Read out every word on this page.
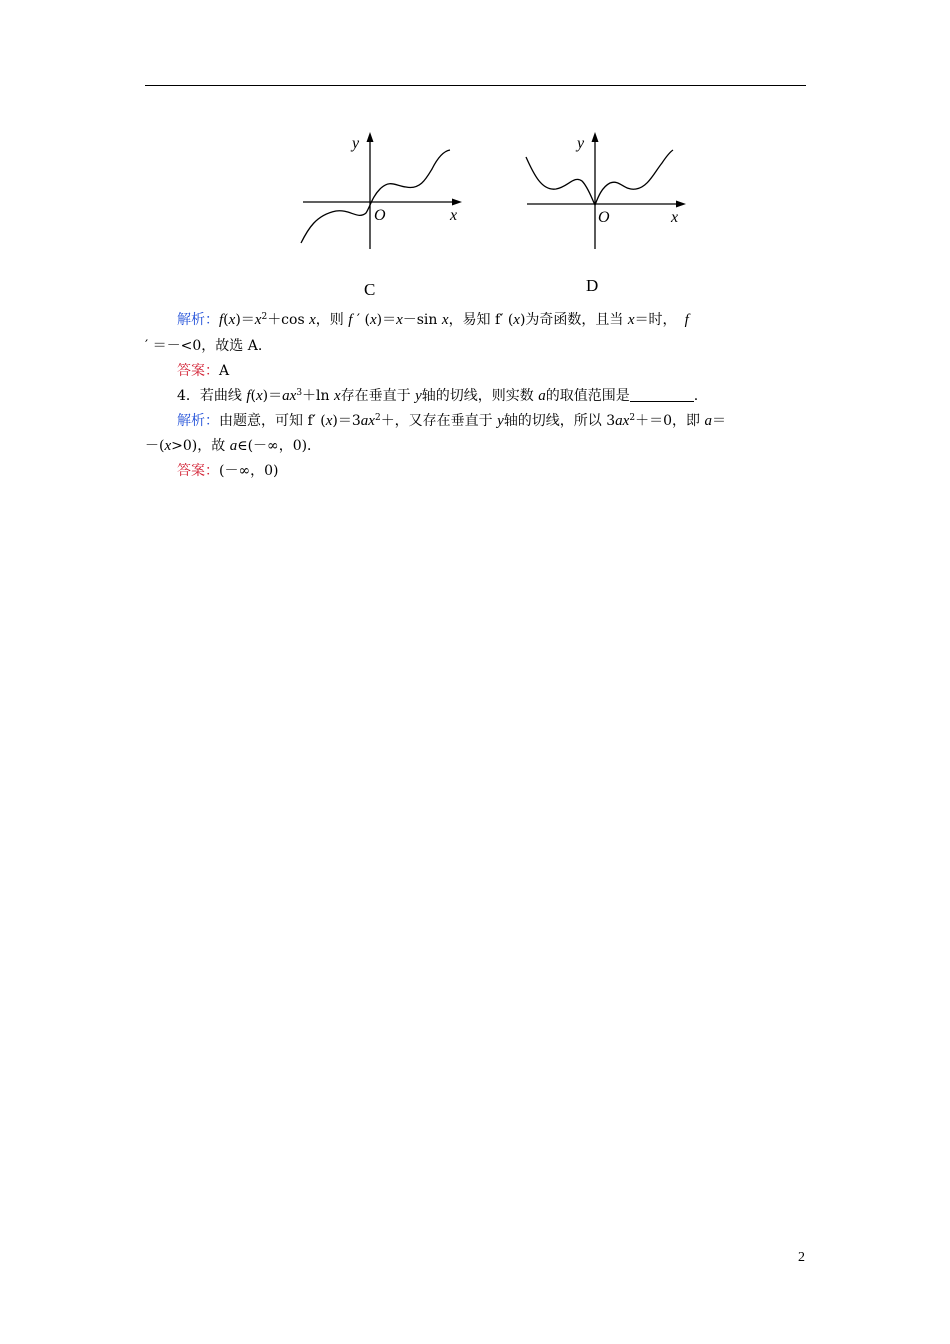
y
x
O
C
y
x
O
D
解析：$f(x)=x^2+\cos$ x，则 f ′ (x)＝x－sin x，易知 f′ (x)为奇函数，且当 x＝时， f
′ ＝－<0，故选 A.
答案：A
4．若曲线 $f(x)=ax^3+\ln$ x存在垂直于 y轴的切线，则实数 a的取值范围是	.
解析：由题意，可知 f′ $(x)=3ax^2+$，又存在垂直于 y轴的切线，所以 $3ax^2+=0$，即 a＝
－(x>0)，故 a∈(－∞，0)．
答案：(－∞，0)
2
